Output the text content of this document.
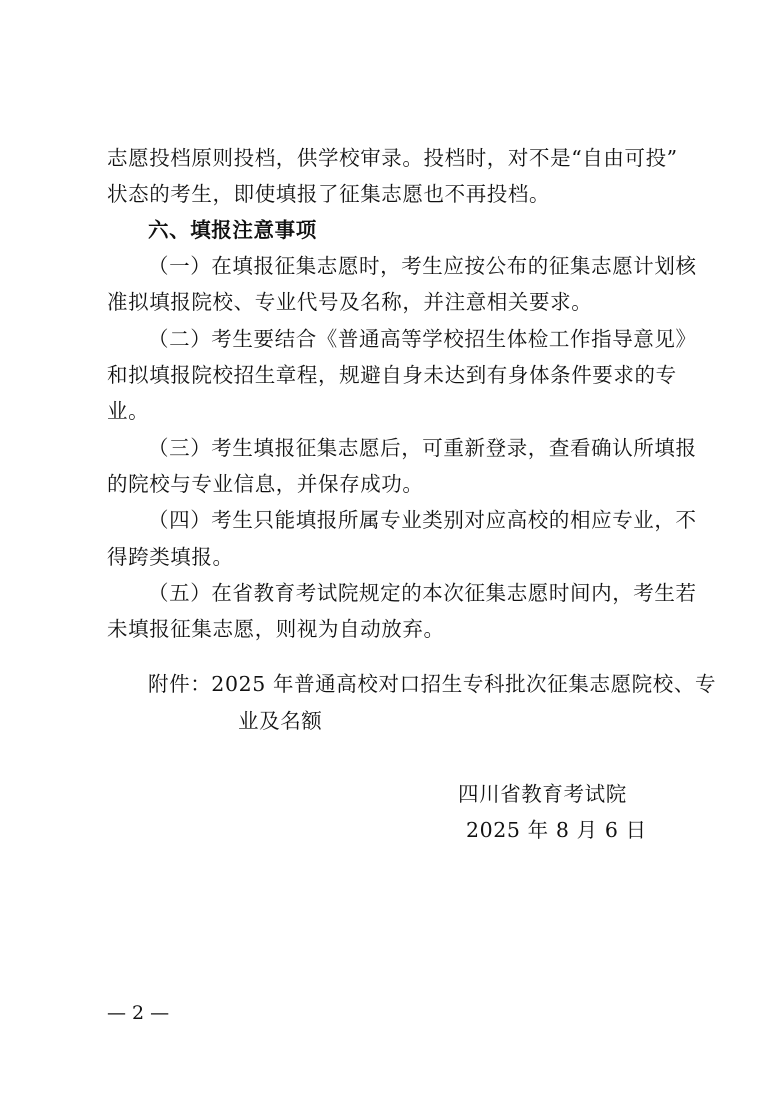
志愿投档原则投档，供学校审录。投档时，对不是“自由可投”
状态的考生，即使填报了征集志愿也不再投档。
六、填报注意事项
（一）在填报征集志愿时，考生应按公布的征集志愿计划核
准拟填报院校、专业代号及名称，并注意相关要求。
（二）考生要结合《普通高等学校招生体检工作指导意见》
和拟填报院校招生章程，规避自身未达到有身体条件要求的专
业。
（三）考生填报征集志愿后，可重新登录，查看确认所填报
的院校与专业信息，并保存成功。
（四）考生只能填报所属专业类别对应高校的相应专业，不
得跨类填报。
（五）在省教育考试院规定的本次征集志愿时间内，考生若
未填报征集志愿，则视为自动放弃。
附件：2025 年普通高校对口招生专科批次征集志愿院校、专
业及名额
四川省教育考试院
2025 年 8 月 6 日
— 2 —
